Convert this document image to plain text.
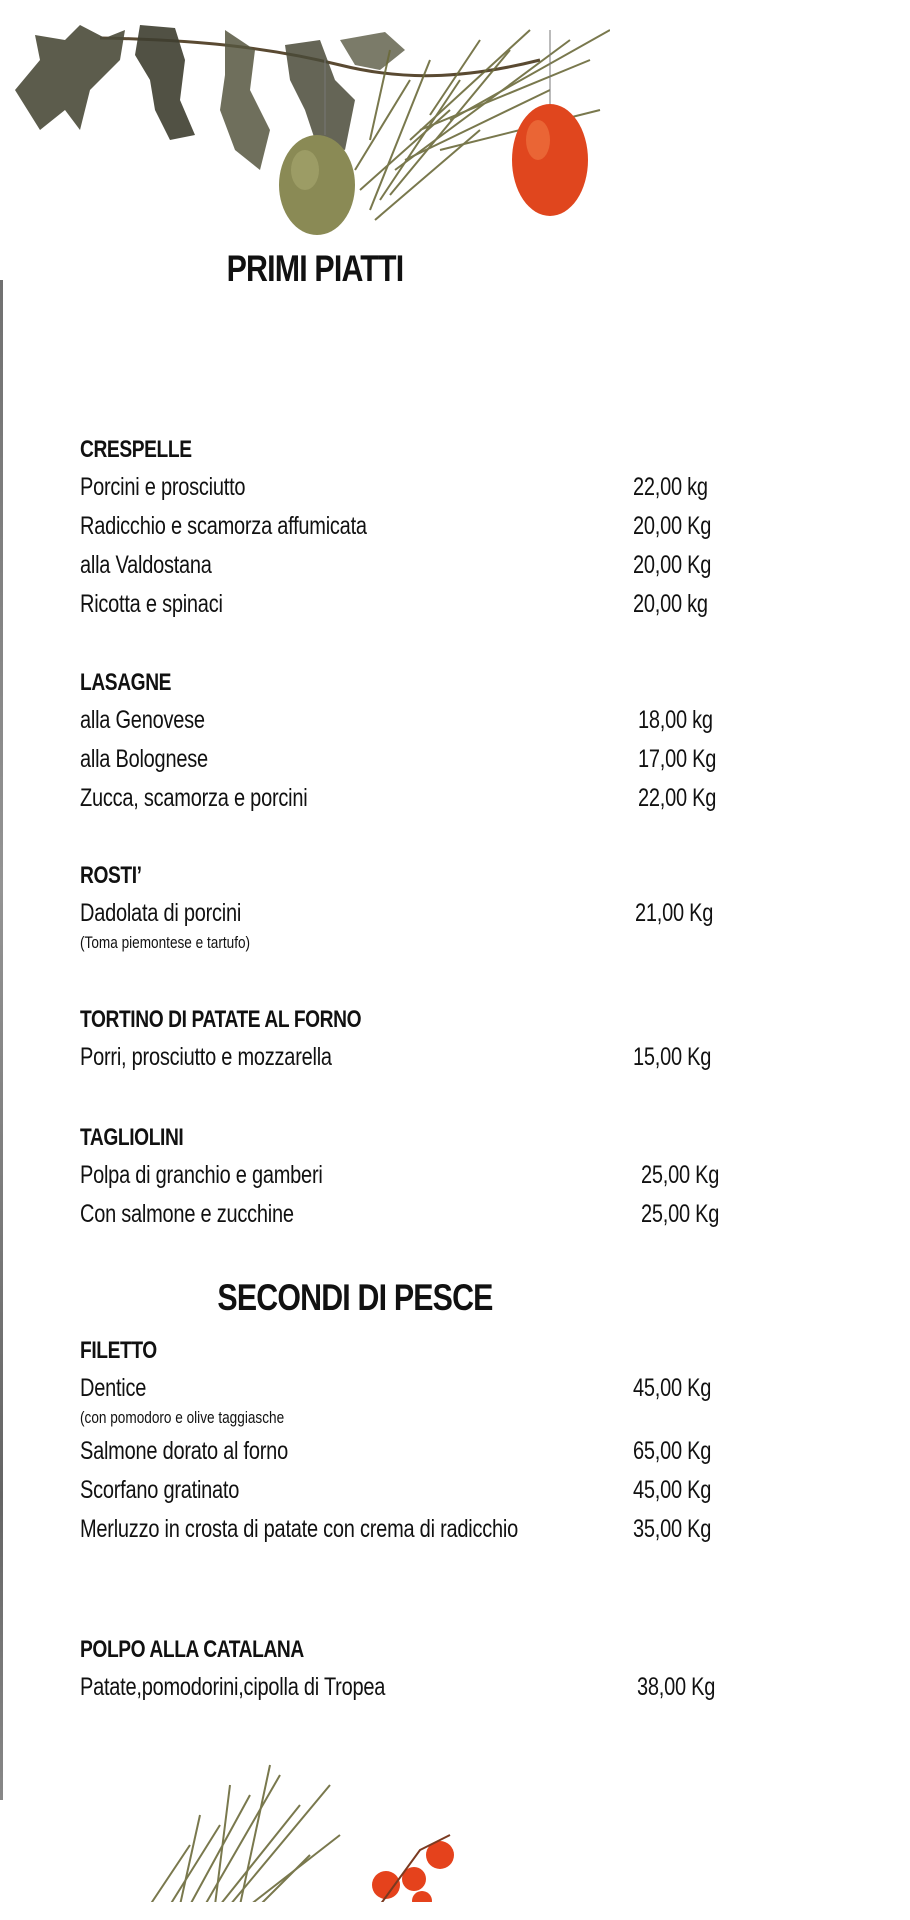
PRIMI PIATTI
CRESPELLE
Porcini e prosciutto	22,00 kg
Radicchio e scamorza affumicata	20,00 Kg
alla Valdostana	20,00 Kg
Ricotta e spinaci	20,00 kg
LASAGNE
alla Genovese	18,00 kg
alla Bolognese	17,00 Kg
Zucca, scamorza e porcini	22,00 Kg
ROSTI’
Dadolata di porcini	21,00 Kg
(Toma piemontese e tartufo)
TORTINO DI PATATE AL FORNO
Porri, prosciutto e mozzarella	15,00 Kg
TAGLIOLINI
Polpa di granchio e gamberi	25,00 Kg
Con salmone e zucchine	25,00 Kg
SECONDI DI PESCE
FILETTO
Dentice	45,00 Kg
(con pomodoro e olive taggiasche
Salmone dorato al forno	65,00 Kg
Scorfano gratinato	45,00 Kg
Merluzzo in crosta di patate con crema di radicchio	35,00 Kg
POLPO ALLA CATALANA
Patate,pomodorini,cipolla di Tropea	38,00 Kg
